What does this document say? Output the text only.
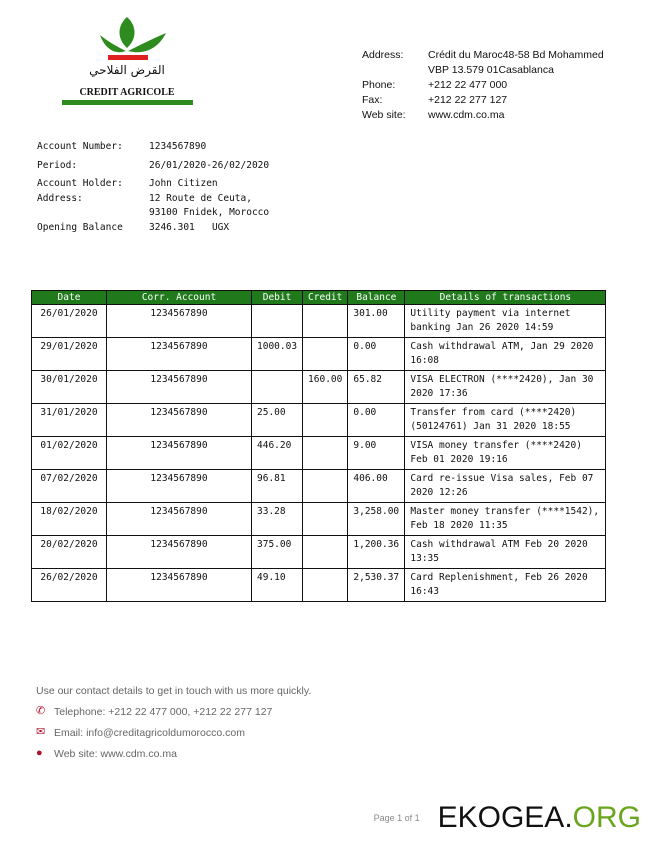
القرض الفلاحي
CREDIT AGRICOLE
Address:	Crédit du Maroc48-58 Bd Mohammed
VBP 13.579 01Casablanca
Phone:	+212 22 477 000
Fax:	+212 22 277 127
Web site:	www.cdm.co.ma
Account Number:	1234567890
Period:	26/01/2020-26/02/2020
Account Holder:	John Citizen
Address:	12 Route de Ceuta,
93100 Fnidek, Morocco
Opening Balance	3246.301
UGX
Date	Corr. Account	Debit	Credit	Balance	Details of transactions
26/01/2020	1234567890			301.00	Utility payment via internet banking Jan 26 2020 14:59
29/01/2020	1234567890	1000.03		0.00	Cash withdrawal ATM, Jan 29 2020 16:08
30/01/2020	1234567890		160.00	65.82	VISA ELECTRON (****2420), Jan 30 2020 17:36
31/01/2020	1234567890	25.00		0.00	Transfer from card (****2420) (50124761) Jan 31 2020 18:55
01/02/2020	1234567890	446.20		9.00	VISA money transfer (****2420) Feb 01 2020 19:16
07/02/2020	1234567890	96.81		406.00	Card re-issue Visa sales, Feb 07 2020 12:26
18/02/2020	1234567890	33.28		3,258.00	Master money transfer (****1542), Feb 18 2020 11:35
20/02/2020	1234567890	375.00		1,200.36	Cash withdrawal ATM Feb 20 2020 13:35
26/02/2020	1234567890	49.10		2,530.37	Card Replenishment, Feb 26 2020 16:43
Use our contact details to get in touch with us more quickly.
✆ Telephone: +212 22 477 000, +212 22 277 127
✉ Email: info@creditagricoldumorocco.com
●	Web site: www.cdm.co.ma
Page 1 of 1 EKOGEA. ORG
